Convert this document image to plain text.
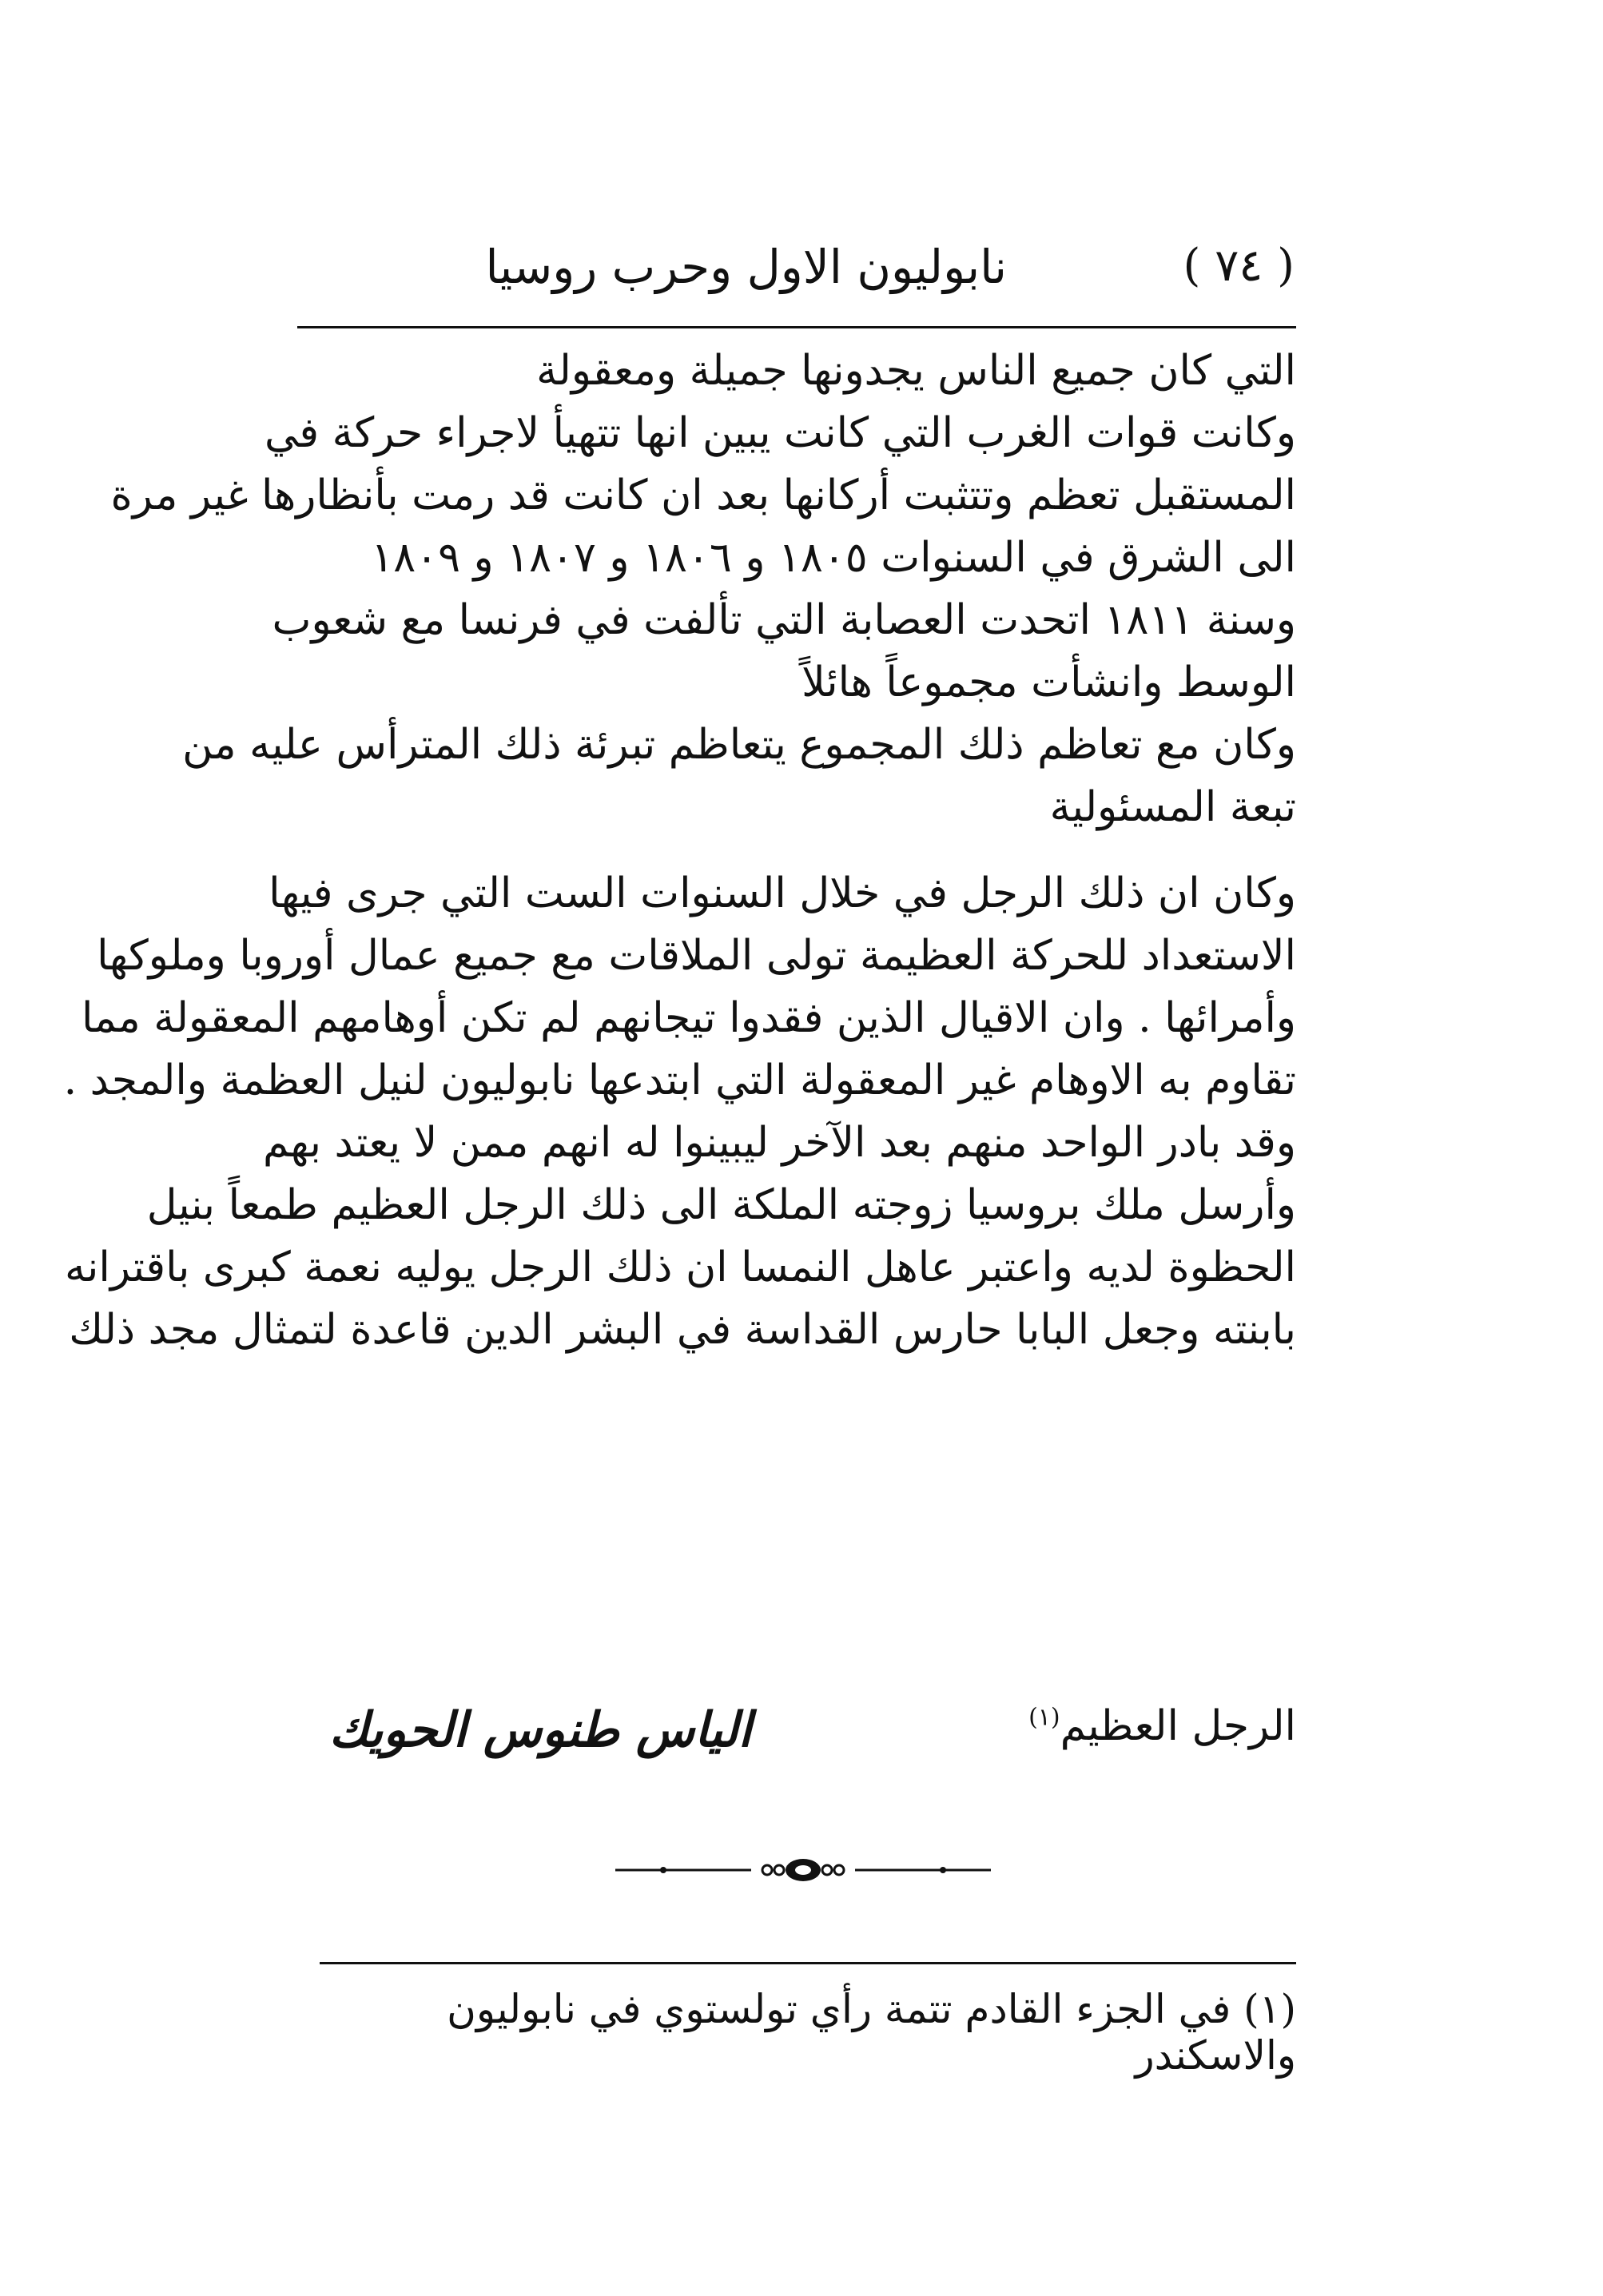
( ٧٤ )
نابوليون الاول وحرب روسيا
التي كان جميع الناس يجدونها جميلة ومعقولة
وكانت قوات الغرب التي كانت يبين انها تتهيأ لاجراء حركة في
المستقبل تعظم وتتثبت أركانها بعد ان كانت قد رمت بأنظارها غير مرة
الى الشرق في السنوات ١٨٠٥ و ١٨٠٦ و ١٨٠٧ و ١٨٠٩
وسنة ١٨١١ اتحدت العصابة التي تألفت في فرنسا مع شعوب
الوسط وانشأت مجموعاً هائلاً
وكان مع تعاظم ذلك المجموع يتعاظم تبرئة ذلك المترأس عليه من
تبعة المسئولية
وكان ان ذلك الرجل في خلال السنوات الست التي جرى فيها
الاستعداد للحركة العظيمة تولى الملاقات مع جميع عمال أوروبا وملوكها
وأمرائها . وان الاقيال الذين فقدوا تيجانهم لم تكن أوهامهم المعقولة مما
تقاوم به الاوهام غير المعقولة التي ابتدعها نابوليون لنيل العظمة والمجد .
وقد بادر الواحد منهم بعد الآخر ليبينوا له انهم ممن لا يعتد بهم
وأرسل ملك بروسيا زوجته الملكة الى ذلك الرجل العظيم طمعاً بنيل
الحظوة لديه واعتبر عاهل النمسا ان ذلك الرجل يوليه نعمة كبرى باقترانه
بابنته وجعل البابا حارس القداسة في البشر الدين قاعدة لتمثال مجد ذلك
الرجل العظيم$^{(١)}$
الياس طنوس الحويك
(١) في الجزء القادم تتمة رأي تولستوي في نابوليون والاسكندر
